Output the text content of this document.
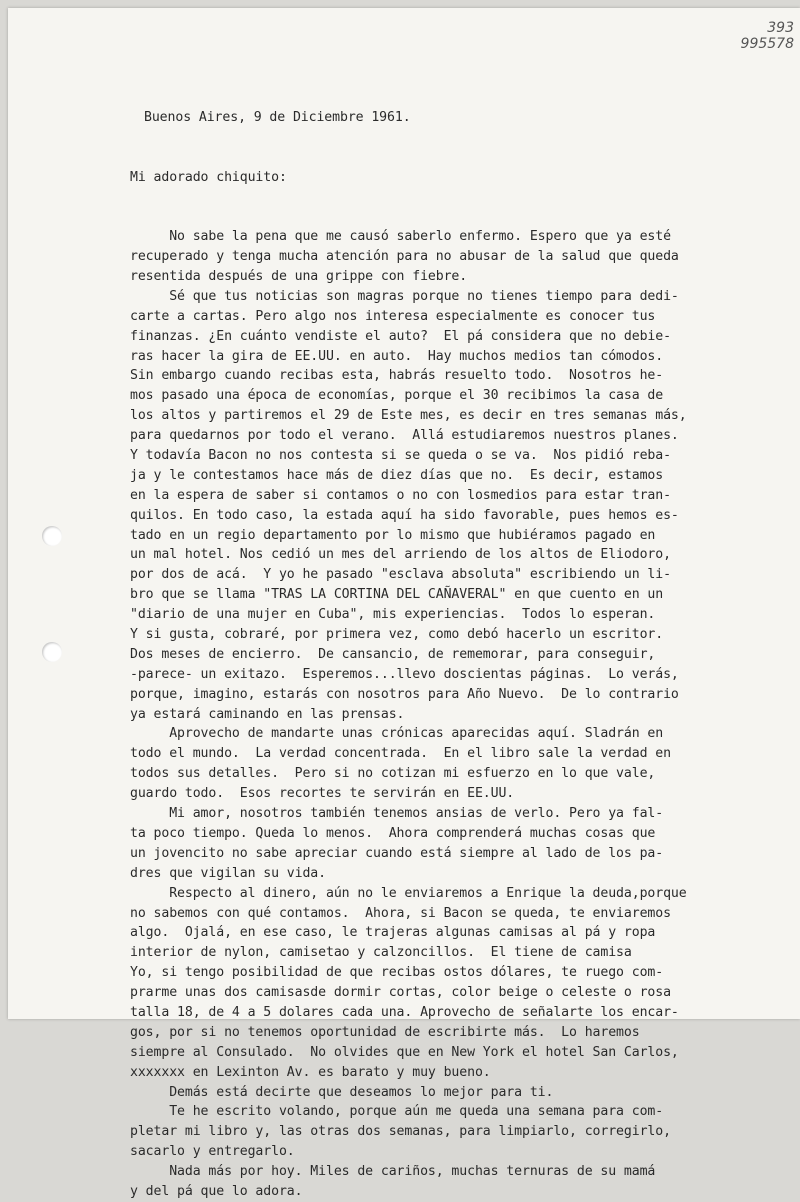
393
995578

Buenos Aires, 9 de Diciembre 1961.

Mi adorado chiquito:

No sabe la pena que me causó saberlo enfermo. Espero que ya esté
recuperado y tenga mucha atención para no abusar de la salud que queda
resentida después de una grippe con fiebre.
Sé que tus noticias son magras porque no tienes tiempo para dedi-
carte a cartas. Pero algo nos interesa especialmente es conocer tus
finanzas. ¿En cuánto vendiste el auto?  El pá considera que no debie-
ras hacer la gira de EE.UU. en auto.  Hay muchos medios tan cómodos.
Sin embargo cuando recibas esta, habrás resuelto todo.  Nosotros he-
mos pasado una época de economías, porque el 30 recibimos la casa de
los altos y partiremos el 29 de Este mes, es decir en tres semanas más,
para quedarnos por todo el verano.  Allá estudiaremos nuestros planes.
Y todavía Bacon no nos contesta si se queda o se va.  Nos pidió reba-
ja y le contestamos hace más de diez días que no.  Es decir, estamos
en la espera de saber si contamos o no con losmedios para estar tran-
quilos. En todo caso, la estada aquí ha sido favorable, pues hemos es-
tado en un regio departamento por lo mismo que hubiéramos pagado en
un mal hotel. Nos cedió un mes del arriendo de los altos de Eliodoro,
por dos de acá.  Y yo he pasado "esclava absoluta" escribiendo un li-
bro que se llama "TRAS LA CORTINA DEL CAÑAVERAL" en que cuento en un
"diario de una mujer en Cuba", mis experiencias.  Todos lo esperan.
Y si gusta, cobraré, por primera vez, como debó hacerlo un escritor.
Dos meses de encierro.  De cansancio, de rememorar, para conseguir,
-parece- un exitazo.  Esperemos...llevo doscientas páginas.  Lo verás,
porque, imagino, estarás con nosotros para Año Nuevo.  De lo contrario
ya estará caminando en las prensas.
Aprovecho de mandarte unas crónicas aparecidas aquí. Sladrán en
todo el mundo.  La verdad concentrada.  En el libro sale la verdad en
todos sus detalles.  Pero si no cotizan mi esfuerzo en lo que vale,
guardo todo.  Esos recortes te servirán en EE.UU.
Mi amor, nosotros también tenemos ansias de verlo. Pero ya fal-
ta poco tiempo. Queda lo menos.  Ahora comprenderá muchas cosas que
un jovencito no sabe apreciar cuando está siempre al lado de los pa-
dres que vigilan su vida.
Respecto al dinero, aún no le enviaremos a Enrique la deuda,porque
no sabemos con qué contamos.  Ahora, si Bacon se queda, te enviaremos
algo.  Ojalá, en ese caso, le trajeras algunas camisas al pá y ropa
interior de nylon, camisetao y calzoncillos.  El tiene de camisa
Yo, si tengo posibilidad de que recibas ostos dólares, te ruego com-
prarme unas dos camisasde dormir cortas, color beige o celeste o rosa
talla 18, de 4 a 5 dolares cada una. Aprovecho de señalarte los encar-
gos, por si no tenemos oportunidad de escribirte más.  Lo haremos
siempre al Consulado.  No olvides que en New York el hotel San Carlos,
xxxxxxx en Lexinton Av. es barato y muy bueno.
Demás está decirte que deseamos lo mejor para ti.
Te he escrito volando, porque aún me queda una semana para com-
pletar mi libro y, las otras dos semanas, para limpiarlo, corregirlo,
sacarlo y entregarlo.
Nada más por hoy. Miles de cariños, muchas ternuras de su mamá
y del pá que lo adora.
